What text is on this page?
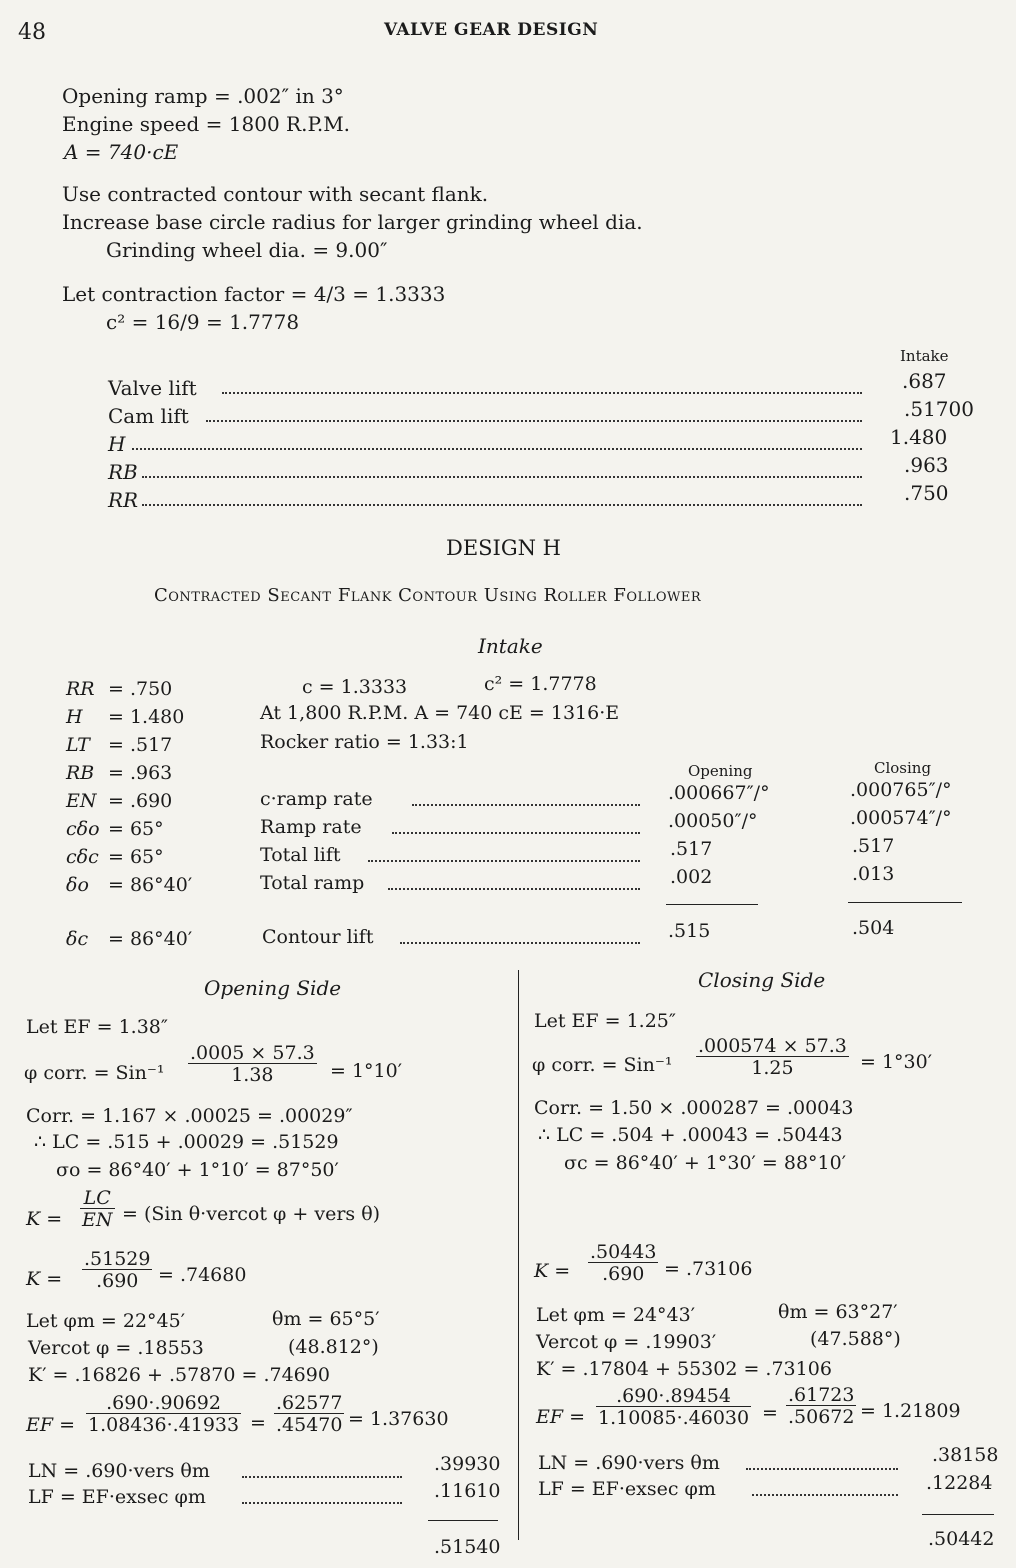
48	VALVE GEAR DESIGN
Opening ramp = .002″ in 3°
Engine speed = 1800 R.P.M.
A = 740·cE
Use contracted contour with secant flank.
Increase base circle radius for larger grinding wheel dia.
Grinding wheel dia. = 9.00″
Let contraction factor = 4/3 = 1.3333
c² = 16/9 = 1.7778
Intake
Valve lift	.687
Cam lift	.51700
H	1.480
RB	.963
RR	.750
DESIGN H
Contracted Secant Flank Contour Using Roller Follower
Intake
RR = .750
H = 1.480
LT = .517
RB = .963
EN = .690
cδo = 65°
cδc = 65°
δo = 86°40′
δc = 86°40′
c = 1.3333	c² = 1.7778
At 1,800 R.P.M. A = 740 cE = 1316·E
Rocker ratio = 1.33:1
Opening	Closing
c·ramp rate	.000667″/°	.000765″/°
Ramp rate	.00050″/°	.000574″/°
Total lift	.517	.517
Total ramp	.002	.013
Contour lift	.515	.504
Opening Side
Let EF = 1.38″
φ corr. = $Sin^{-1} \frac{.0005 \times 57.3}{1.38} = 1^\circ 10'$
Corr. = 1.167 × .00025 = .00029″
∴ LC = .515 + .00029 = .51529
σo = 86°40′ + 1°10′ = 87°50′
$K = \frac{LC}{EN} = (Sin$ θ·vercot φ + vers θ)
$K = \frac{.51529}{.690} = .74680$
Let φm = 22°45′	θm = 65°5′
Vercot φ = .18553	(48.812°)
K′ = .16826 + .57870 = .74690
EF = $\frac{.690\cdot.90692}{1.08436\cdot.41933} = \frac{.62577}{.45470} = 1.37630$
LN = .690·vers θm	.39930
LF = EF·exsec φm	.11610
.51540
Closing Side
Let EF = 1.25″
φ corr. = $Sin^{-1} \frac{.000574 \times 57.3}{1.25} = 1^\circ 30'$
Corr. = 1.50 × .000287 = .00043
∴ LC = .504 + .00043 = .50443
σc = 86°40′ + 1°30′ = 88°10′
$K = \frac{.50443}{.690} = .73106$
Let φm = 24°43′	θm = 63°27′
Vercot φ = .19903′	(47.588°)
K′ = .17804 + 55302 = .73106
EF = $\frac{.690\cdot.89454}{1.10085\cdot.46030} = \frac{.61723}{.50672} = 1.21809$
LN = .690·vers θm	.38158
LF = EF·exsec φm	.12284
.50442
